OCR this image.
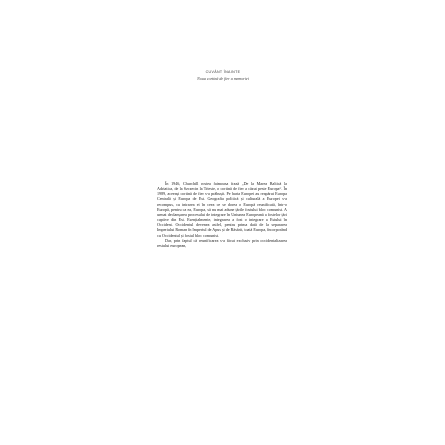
CUVÂNT ÎNAINTE
Noua cortină de fier a memoriei

În 1946, Churchill rostea faimoasa frază „De la Marea Baltică la Adriatica, de la Szczecin la Trieste, o cortină de fier a căzut peste Europa“. În 1989, aceeași cortină de fier s-a prăbușit. Pe harta Europei au reapărut Europa Centrală și Europa de Est. Geografia politică și culturală a Europei s-a recompus, cu intrarea ei în ceea ce se dorea o Europă reunificată, într-o Europă, pentru ca ea, Europa, să nu mai adune țările fostului bloc comunist. A urmat declanșarea procesului de integrare în Uniunea Europeană a fostelor țări captive din Est. Esențialmente, integrarea a fost o integrare a Estului în Occident. Occidentul devenea astfel, pentru prima dată de la separarea Imperiului Roman în Imperiul de Apus și de Răsărit, toată Europa, încorporând cu Occidentul și fostul bloc comunist.

Dar, prin faptul că reunificarea s-a făcut exclusiv prin occidentalizarea restului european,
